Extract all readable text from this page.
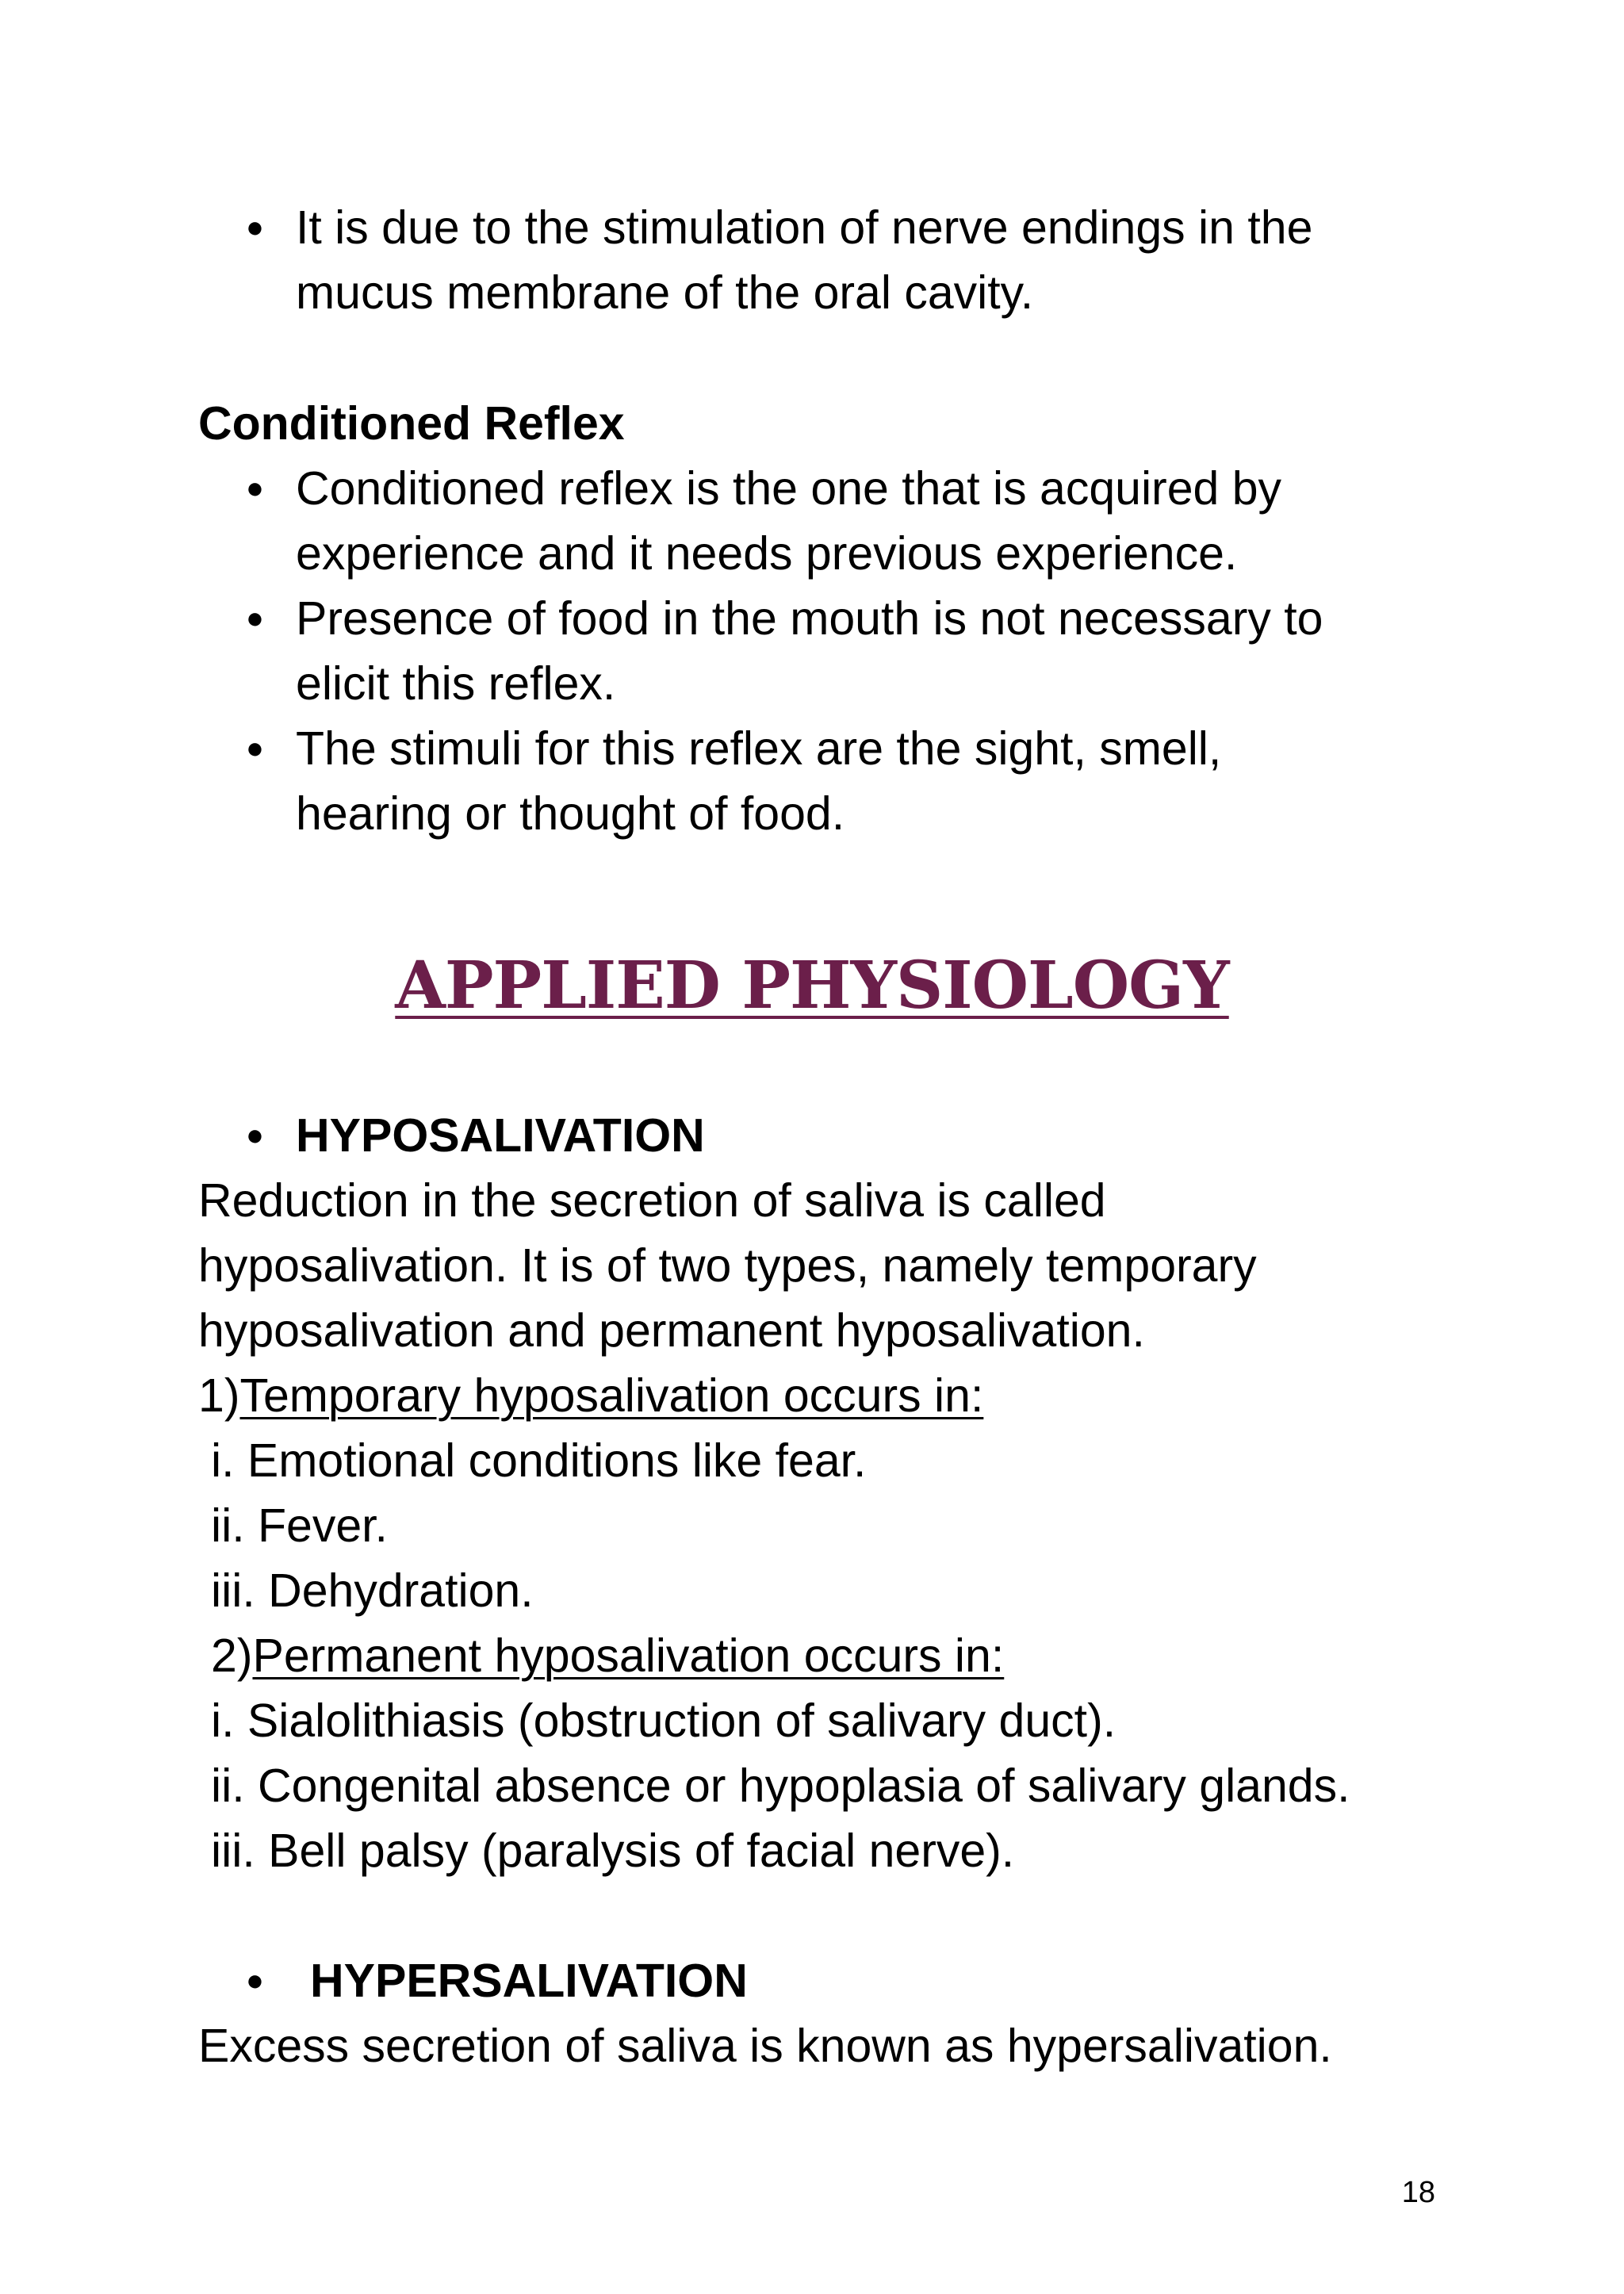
● It is due to the stimulation of nerve endings in the
mucus membrane of the oral cavity.
Conditioned Reflex
● Conditioned reflex is the one that is acquired by
experience and it needs previous experience.
● Presence of food in the mouth is not necessary to
elicit this reflex.
● The stimuli for this reflex are the sight, smell,
hearing or thought of food.
APPLIED PHYSIOLOGY
● HYPOSALIVATION
Reduction in the secretion of saliva is called
hyposalivation. It is of two types, namely temporary
hyposalivation and permanent hyposalivation.
1)Temporary hyposalivation occurs in:
i. Emotional conditions like fear.
ii. Fever.
iii. Dehydration.
2)Permanent hyposalivation occurs in:
i. Sialolithiasis (obstruction of salivary duct).
ii. Congenital absence or hypoplasia of salivary glands.
iii. Bell palsy (paralysis of facial nerve).
● HYPERSALIVATION
Excess secretion of saliva is known as hypersalivation.
18
